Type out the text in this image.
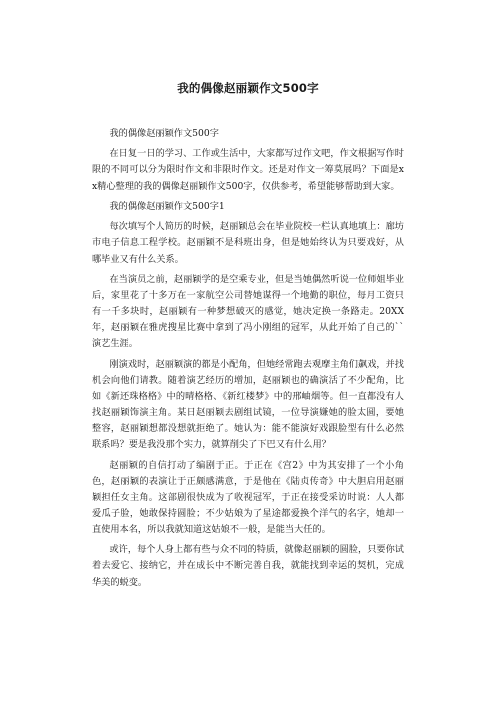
我的偶像赵丽颖作文500字

我的偶像赵丽颖作文500字

在日复一日的学习、工作或生活中，大家都写过作文吧，作文根据写作时限的不同可以分为限时作文和非限时作文。还是对作文一筹莫展吗？下面是xx精心整理的我的偶像赵丽颖作文500字，仅供参考，希望能够帮助到大家。

我的偶像赵丽颖作文500字1

每次填写个人简历的时候，赵丽颖总会在毕业院校一栏认真地填上：廊坊市电子信息工程学校。赵丽颖不是科班出身，但是她始终认为只要戏好，从哪毕业又有什么关系。

在当演员之前，赵丽颖学的是空乘专业，但是当她偶然听说一位师姐毕业后，家里花了十多万在一家航空公司替她谋得一个地勤的职位，每月工资只有一千多块时，赵丽颖有一种梦想破灭的感觉，她决定换一条路走。20XX年，赵丽颖在雅虎搜星比赛中拿到了冯小刚组的冠军，从此开始了自己的``演艺生涯。

刚演戏时，赵丽颖演的都是小配角，但她经常跑去观摩主角们飙戏，并找机会向他们请教。随着演艺经历的增加，赵丽颖也的确演活了不少配角，比如《新还珠格格》中的晴格格、《新红楼梦》中的邢岫烟等。但一直都没有人找赵丽颖饰演主角。某日赵丽颖去剧组试镜，一位导演嫌她的脸太圆，要她整容，赵丽颖想都没想就拒绝了。她认为：能不能演好戏跟脸型有什么必然联系吗？要是我没那个实力，就算削尖了下巴又有什么用？

赵丽颖的自信打动了编剧于正。于正在《宫2》中为其安排了一个小角色，赵丽颖的表演让于正颇感满意，于是他在《陆贞传奇》中大胆启用赵丽颖担任女主角。这部剧很快成为了收视冠军，于正在接受采访时说：人人都爱瓜子脸，她敢保持圆脸；不少姑娘为了星途都爱换个洋气的名字，她却一直使用本名，所以我就知道这姑娘不一般，是能当大任的。

或许，每个人身上都有些与众不同的特质，就像赵丽颖的圆脸，只要你试着去爱它、接纳它，并在成长中不断完善自我，就能找到幸运的契机，完成华美的蜕变。
